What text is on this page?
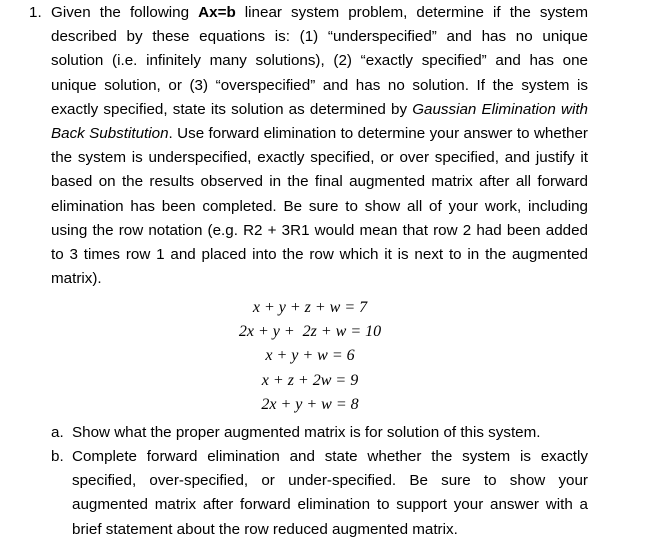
1. Given the following Ax=b linear system problem, determine if the system described by these equations is: (1) “underspecified” and has no unique solution (i.e. infinitely many solutions), (2) “exactly specified” and has one unique solution, or (3) “overspecified” and has no solution. If the system is exactly specified, state its solution as determined by Gaussian Elimination with Back Substitution. Use forward elimination to determine your answer to whether the system is underspecified, exactly specified, or over specified, and justify it based on the results observed in the final augmented matrix after all forward elimination has been completed. Be sure to show all of your work, including using the row notation (e.g. R2 + 3R1 would mean that row 2 had been added to 3 times row 1 and placed into the row which it is next to in the augmented matrix).
x + y + z + w = 7
2x + y +  2z + w = 10
x + y + w = 6
x + z + 2w = 9
2x + y + w = 8
a. Show what the proper augmented matrix is for solution of this system.
b. Complete forward elimination and state whether the system is exactly specified, over-specified, or under-specified. Be sure to show your augmented matrix after forward elimination to support your answer with a brief statement about the row reduced augmented matrix.
